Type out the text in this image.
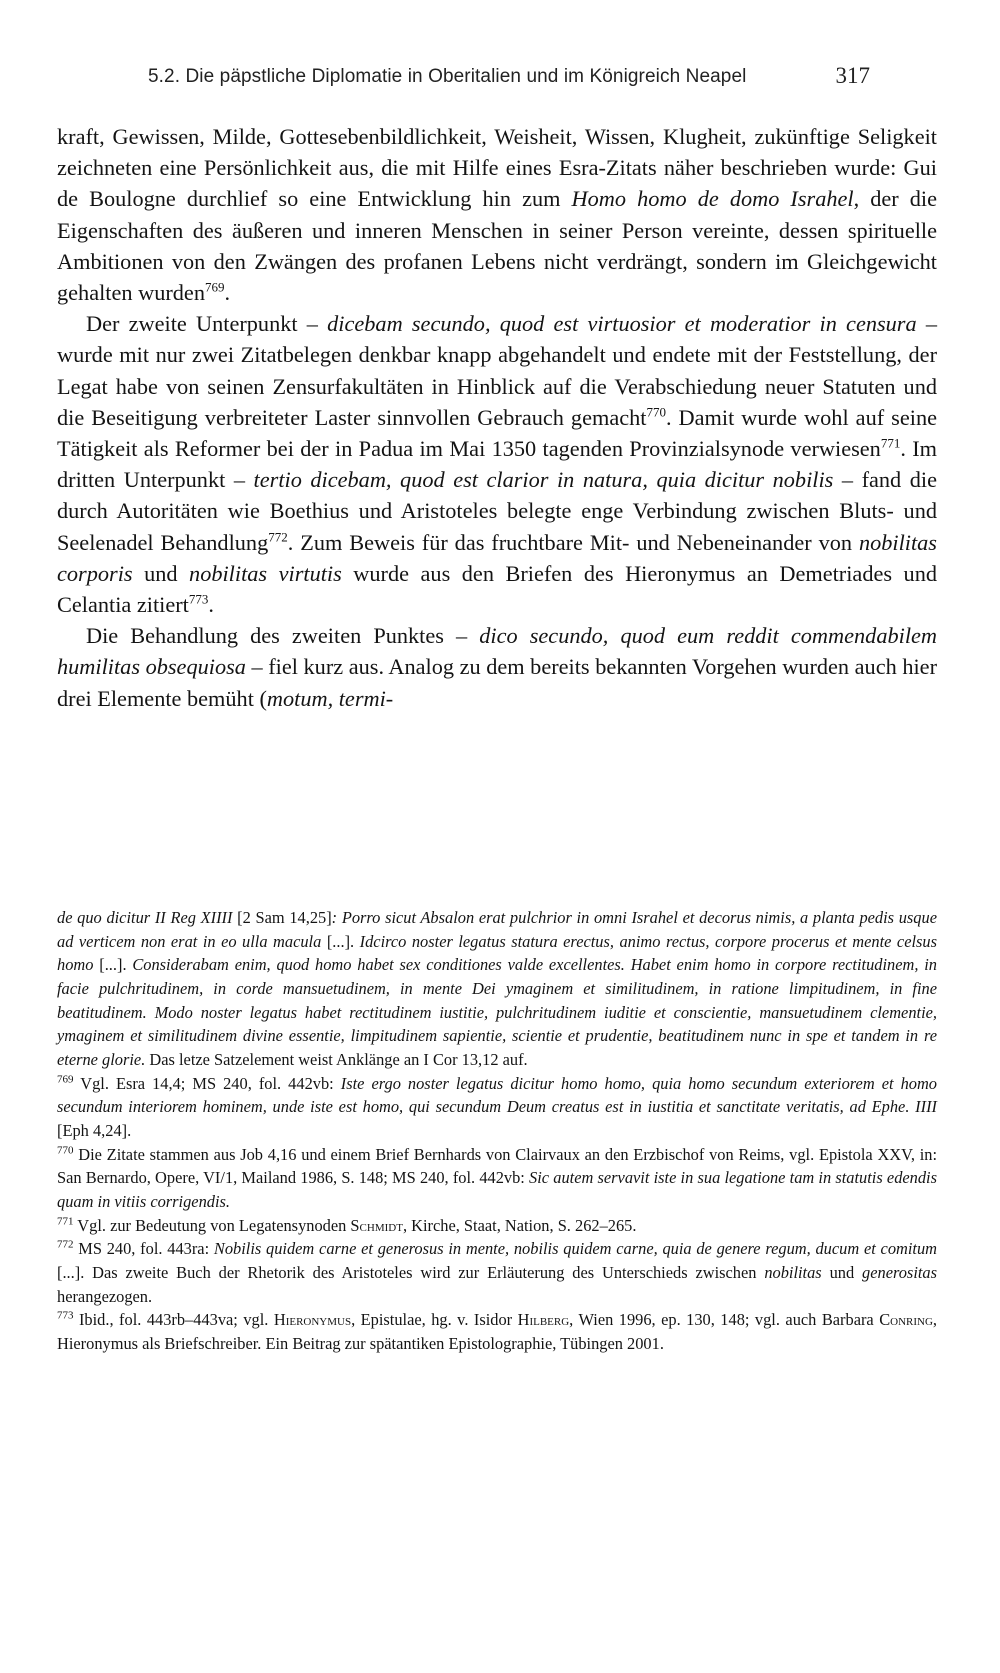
5.2. Die päpstliche Diplomatie in Oberitalien und im Königreich Neapel	317

kraft, Gewissen, Milde, Gottesebenbildlichkeit, Weisheit, Wissen, Klugheit, zukünftige Seligkeit zeichneten eine Persönlichkeit aus, die mit Hilfe eines Esra-Zitats näher beschrieben wurde: Gui de Boulogne durchlief so eine Entwicklung hin zum Homo homo de domo Israhel, der die Eigenschaften des äußeren und inneren Menschen in seiner Person vereinte, dessen spirituelle Ambitionen von den Zwängen des profanen Lebens nicht verdrängt, sondern im Gleichgewicht gehalten wurden$^{769}$.

Der zweite Unterpunkt – dicebam secundo, quod est virtuosior et moderatior in censura – wurde mit nur zwei Zitatbelegen denkbar knapp abgehandelt und endete mit der Feststellung, der Legat habe von seinen Zensurfakultäten in Hinblick auf die Verabschiedung neuer Statuten und die Beseitigung verbreiteter Laster sinnvollen Gebrauch gemacht$^{770}$. Damit wurde wohl auf seine Tätigkeit als Reformer bei der in Padua im Mai 1350 tagenden Provinzialsynode verwiesen$^{771}$. Im dritten Unterpunkt – tertio dicebam, quod est clarior in natura, quia dicitur nobilis – fand die durch Autoritäten wie Boethius und Aristoteles belegte enge Verbindung zwischen Bluts- und Seelenadel Behandlung$^{772}$. Zum Beweis für das fruchtbare Mit- und Nebeneinander von nobilitas corporis und nobilitas virtutis wurde aus den Briefen des Hieronymus an Demetriades und Celantia zitiert$^{773}$.

Die Behandlung des zweiten Punktes – dico secundo, quod eum reddit commendabilem humilitas obsequiosa – fiel kurz aus. Analog zu dem bereits bekannten Vorgehen wurden auch hier drei Elemente bemüht (motum, termi-

de quo dicitur II Reg XIIII [2 Sam 14,25]: Porro sicut Absalon erat pulchrior in omni Israhel et decorus nimis, a planta pedis usque ad verticem non erat in eo ulla macula [...]. Idcirco noster legatus statura erectus, animo rectus, corpore procerus et mente celsus homo [...]. Considerabam enim, quod homo habet sex conditiones valde excellentes. Habet enim homo in corpore rectitudinem, in facie pulchritudinem, in corde mansuetudinem, in mente Dei ymaginem et similitudinem, in ratione limpitudinem, in fine beatitudinem. Modo noster legatus habet rectitudinem iustitie, pulchritudinem iuditie et conscientie, mansuetudinem clementie, ymaginem et similitudinem divine essentie, limpitudinem sapientie, scientie et prudentie, beatitudinem nunc in spe et tandem in re eterne glorie. Das letze Satzelement weist Anklänge an I Cor 13,12 auf.

$^{769}$ Vgl. Esra 14,4; MS 240, fol. 442vb: Iste ergo noster legatus dicitur homo homo, quia homo secundum exteriorem et homo secundum interiorem hominem, unde iste est homo, qui secundum Deum creatus est in iustitia et sanctitate veritatis, ad Ephe. IIII [Eph 4,24].

$^{770}$ Die Zitate stammen aus Job 4,16 und einem Brief Bernhards von Clairvaux an den Erzbischof von Reims, vgl. Epistola XXV, in: San Bernardo, Opere, VI/1, Mailand 1986, S. 148; MS 240, fol. 442vb: Sic autem servavit iste in sua legatione tam in statutis edendis quam in vitiis corrigendis.

$^{771}$ Vgl. zur Bedeutung von Legatensynoden Schmidt, Kirche, Staat, Nation, S. 262–265.

$^{772}$ MS 240, fol. 443ra: Nobilis quidem carne et generosus in mente, nobilis quidem carne, quia de genere regum, ducum et comitum [...]. Das zweite Buch der Rhetorik des Aristoteles wird zur Erläuterung des Unterschieds zwischen nobilitas und generositas herangezogen.

$^{773}$ Ibid., fol. 443rb–443va; vgl. Hieronymus, Epistulae, hg. v. Isidor Hilberg, Wien 1996, ep. 130, 148; vgl. auch Barbara Conring, Hieronymus als Briefschreiber. Ein Beitrag zur spätantiken Epistolographie, Tübingen 2001.
